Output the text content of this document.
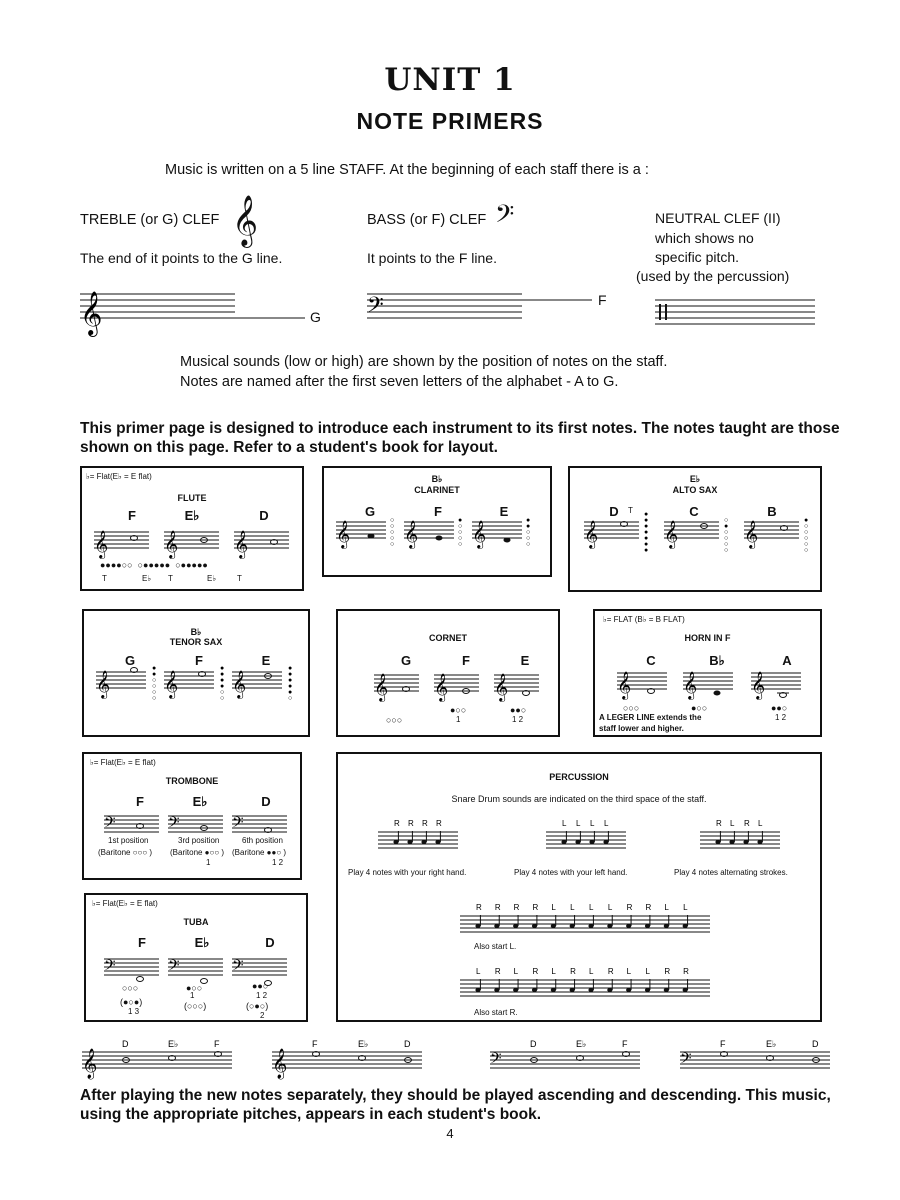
UNIT 1
NOTE PRIMERS
Music is written on a 5 line STAFF. At the beginning of each staff there is a :
TREBLE (or G) CLEF 𝄞
The end of it points to the G line.
BASS (or F) CLEF 𝄢
It points to the F line.
NEUTRAL CLEF (II)
which shows no
specific pitch.
(used by the percussion)
𝄞	G 𝄢	F
Musical sounds (low or high) are shown by the position of notes on the staff.
Notes are named after the first seven letters of the alphabet - A to G.
This primer page is designed to introduce each instrument to its first notes. The notes taught are those shown on this page. Refer to a student's book for layout.
♭= Flat(E♭ = E flat)
FLUTE
F	E♭	D
𝄞 𝄞 𝄞
●●●●○○  ○●●●●●  ○●●●●●
T	E♭ T	E♭	T
B♭
CLARINET
G	F	E
𝄞 𝄞 𝄞
○
○
○
○
○
●
○
○
○
○
●
●
○
○
○
E♭
ALTO SAX
D	T	C	B
𝄞	𝄞	𝄞
●
●
●
●
●
●
●
○
●
○
○
○
○
●
○
○
○
○
○
B♭
TENOR SAX
G	F	E
𝄞 𝄞 𝄞
●
●
○
○
○
○
●
●
●
●
○
○
●
●
●
●
●
○
CORNET
G	F	E
𝄞 𝄞 𝄞
○○○
●○○
1
●●○
1 2
♭= FLAT (B♭ = B FLAT)
HORN IN F
C	B♭	A
𝄞 𝄞 𝄞
○○○	●○○	●●○
1 2
A LEGER LINE extends the staff lower and higher.
♭= Flat(E♭ = E flat)
TROMBONE
F	E♭	D
𝄢	𝄢	𝄢
1st position	3rd position	6th position
(Baritone ○○○ ) (Baritone ●○○ ) (Baritone ●●○ )
1	1 2
♭= Flat(E♭ = E flat)
TUBA
F	E♭	D
𝄢	𝄢	𝄢
○○○
(●○●)
1 3
●○○
1
(○○○)
●●○
1 2
(○●○)
2
PERCUSSION
Snare Drum sounds are indicated on the third space of the staff.
R R R R	L L L L	R L R L
Play 4 notes with your right hand.	Play 4 notes with your left hand.	Play 4 notes alternating strokes.
R R R R L L L L R R L L
Also start L.
L R L R L R L R L L R R
Also start R.
𝄞
D	E♭	F
𝄞
F	E♭	D
𝄢
D	E♭	F
𝄢
F	E♭	D
After playing the new notes separately, they should be played ascending and descending. This music, using the appropriate pitches, appears in each student's book.
4
